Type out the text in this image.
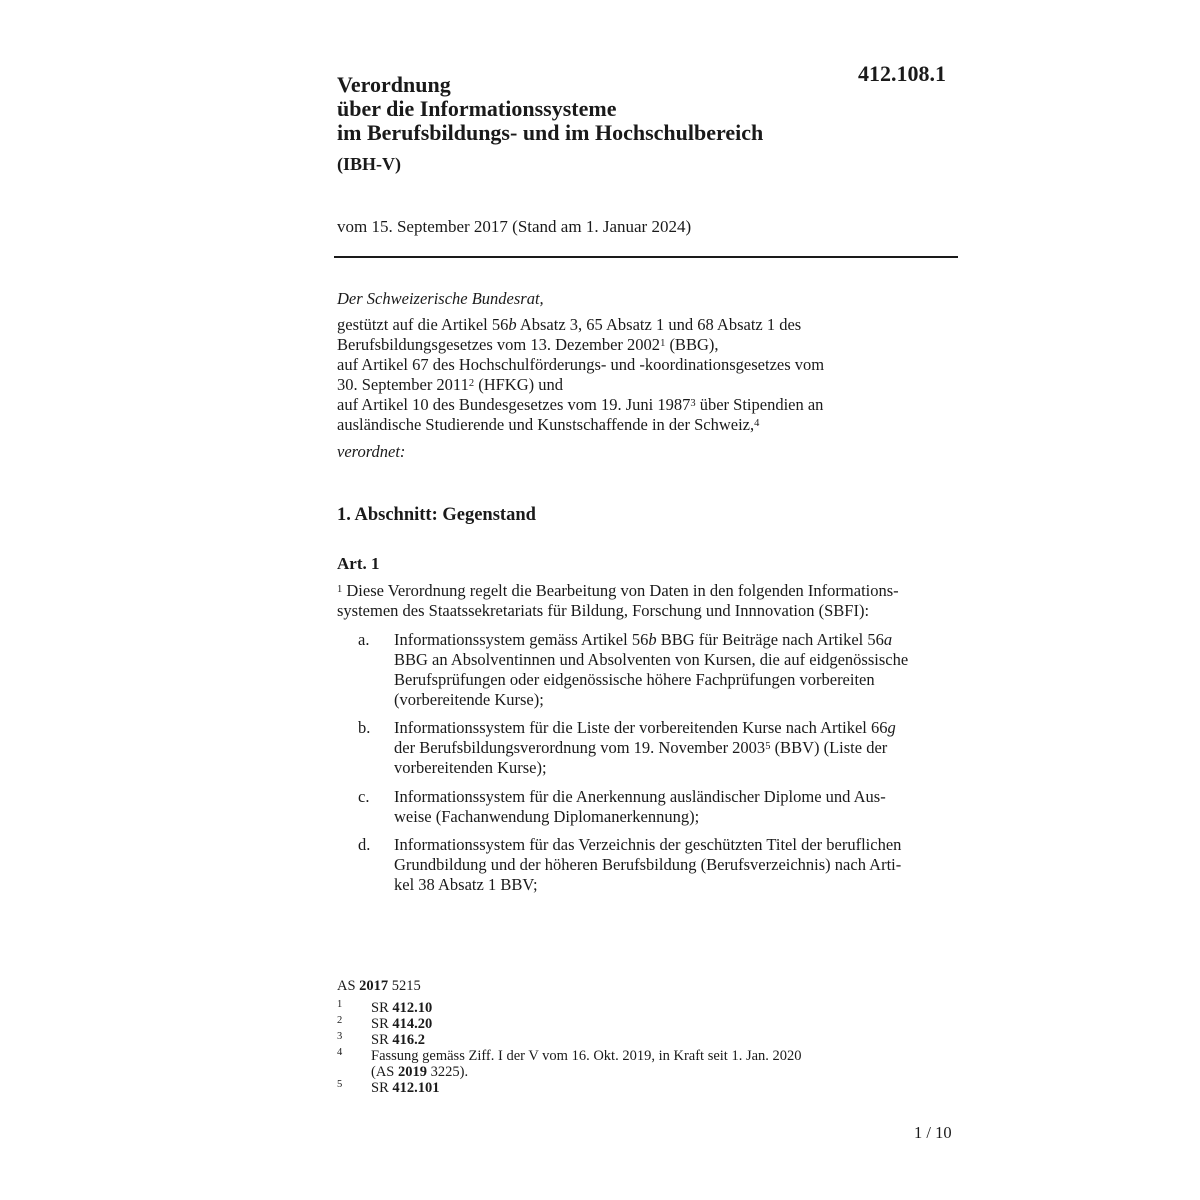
412.108.1
Verordnung
über die Informationssysteme
im Berufsbildungs- und im Hochschulbereich
(IBH-V)
vom 15. September 2017 (Stand am 1. Januar 2024)
Der Schweizerische Bundesrat,
gestützt auf die Artikel 56b Absatz 3, 65 Absatz 1 und 68 Absatz 1 des
Berufsbildungsgesetzes vom 13. Dezember 2002$^1$ (BBG),
auf Artikel 67 des Hochschulförderungs- und -koordinationsgesetzes vom
30. September 2011$^2$ (HFKG) und
auf Artikel 10 des Bundesgesetzes vom 19. Juni 1987$^3$ über Stipendien an
ausländische Studierende und Kunstschaffende in der Schweiz,$^4$
verordnet:
1. Abschnitt: Gegenstand
Art. 1
$^1$ Diese Verordnung regelt die Bearbeitung von Daten in den folgenden Informations-
systemen des Staatssekretariats für Bildung, Forschung und Innnovation (SBFI):
a. Informationssystem gemäss Artikel 56b BBG für Beiträge nach Artikel 56a
BBG an Absolventinnen und Absolventen von Kursen, die auf eidgenössische
Berufsprüfungen oder eidgenössische höhere Fachprüfungen vorbereiten
(vorbereitende Kurse);
b. Informationssystem für die Liste der vorbereitenden Kurse nach Artikel 66g
der Berufsbildungsverordnung vom 19. November 2003$^5$ (BBV) (Liste der
vorbereitenden Kurse);
c. Informationssystem für die Anerkennung ausländischer Diplome und Aus-
weise (Fachanwendung Diplomanerkennung);
d. Informationssystem für das Verzeichnis der geschützten Titel der beruflichen
Grundbildung und der höheren Berufsbildung (Berufsverzeichnis) nach Arti-
kel 38 Absatz 1 BBV;
AS 2017 5215
1 SR 412.10
2 SR 414.20
3 SR 416.2
4 Fassung gemäss Ziff. I der V vom 16. Okt. 2019, in Kraft seit 1. Jan. 2020
(AS 2019 3225).
5 SR 412.101
1 / 10
